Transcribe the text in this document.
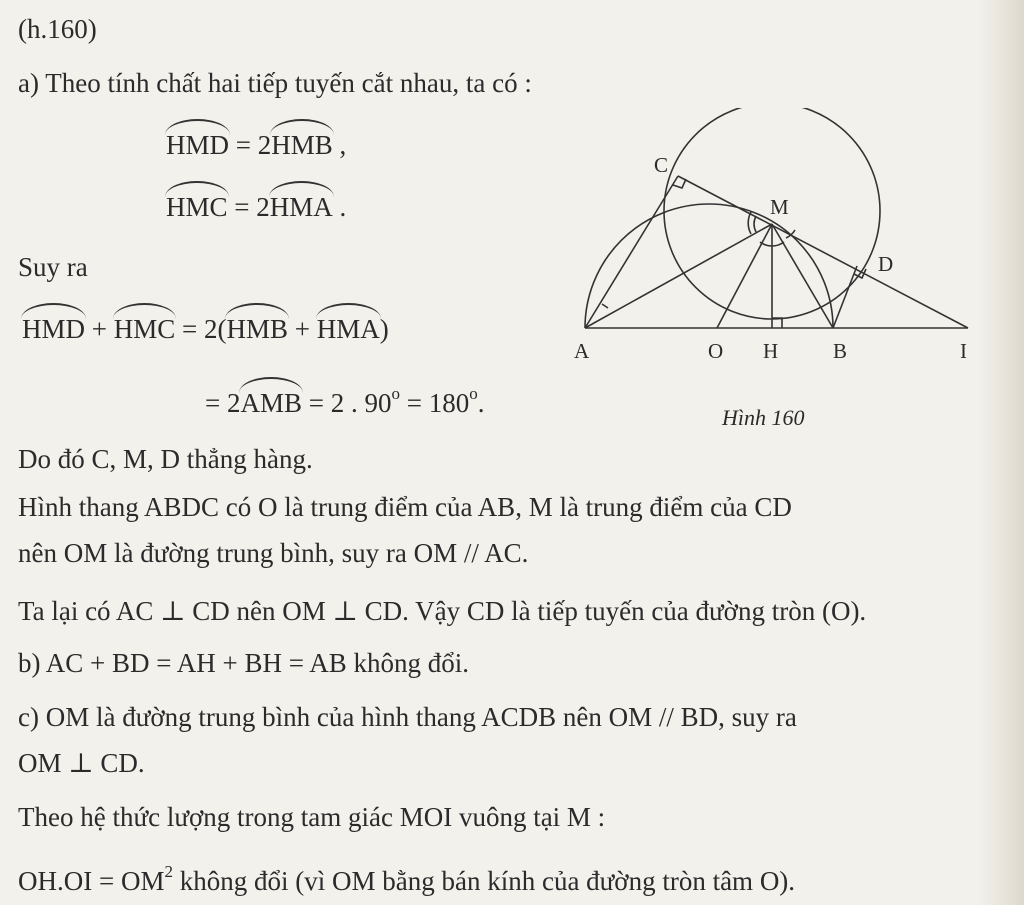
(h.160)
a) Theo tính chất hai tiếp tuyến cắt nhau, ta có :
HMD = 2HMB ,
HMC = 2HMA .
Suy ra
HMD + HMC = 2(HMB + HMA)
= 2AMB = 2 . $90^o = 180^o$.
Do đó C, M, D thẳng hàng.
Hình thang ABDC có O là trung điểm của AB, M là trung điểm của CD
nên OM là đường trung bình, suy ra OM // AC.
Ta lại có AC ⊥ CD nên OM ⊥ CD. Vậy CD là tiếp tuyến của đường tròn (O).
b) AC + BD = AH + BH = AB không đổi.
c) OM là đường trung bình của hình thang ACDB nên OM // BD, suy ra
OM ⊥ CD.
Theo hệ thức lượng trong tam giác MOI vuông tại M :
$OH.OI = OM^2$ không đổi (vì OM bằng bán kính của đường tròn tâm O).
A	O H	B	I
C
M
D
Hình 160
